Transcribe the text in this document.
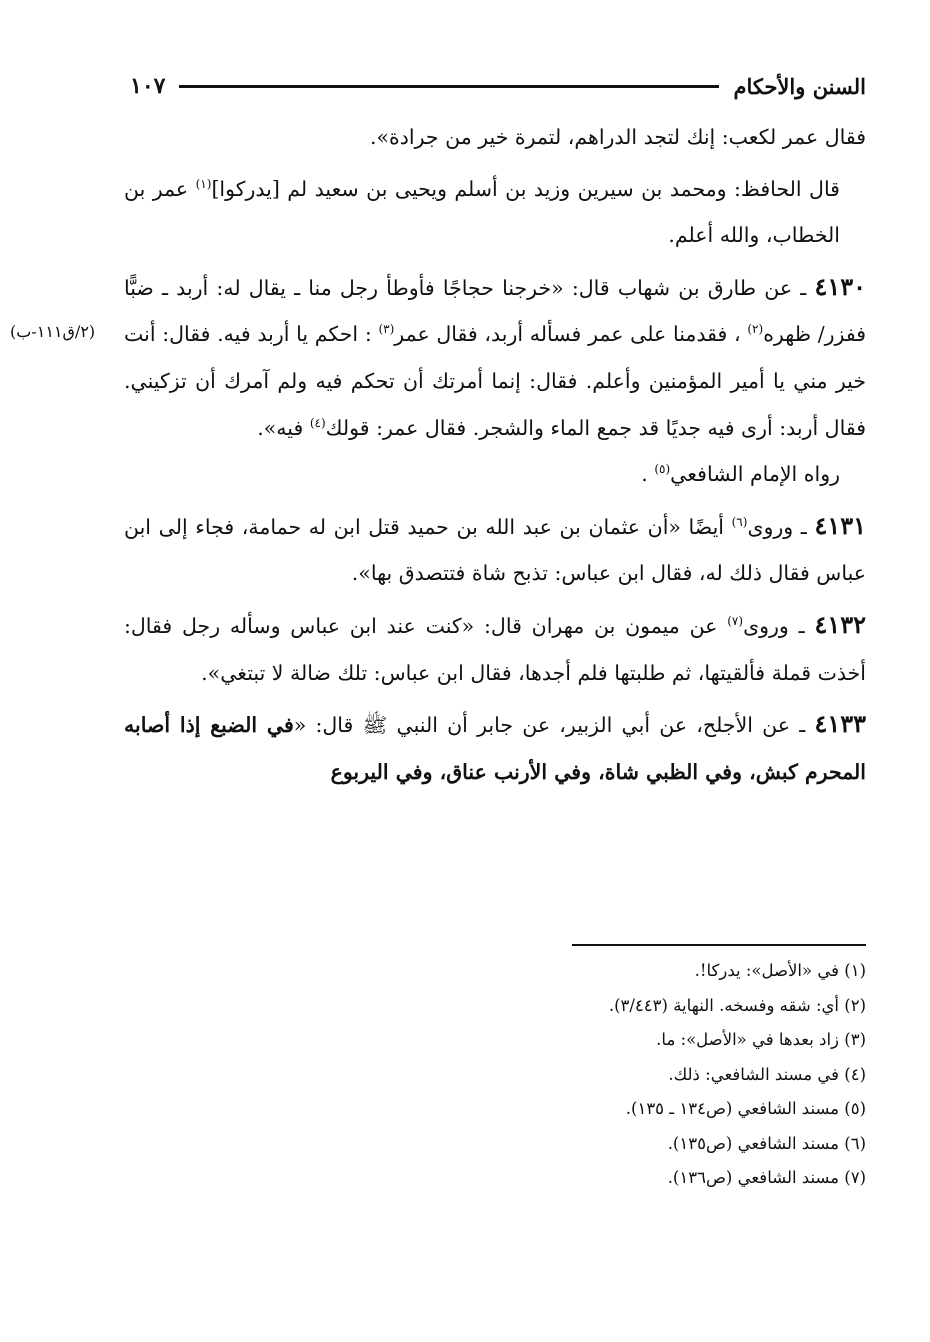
السنن والأحكام
١٠٧
(٢/ق١١١-ب)

فقال عمر لكعب: إنك لتجد الدراهم، لتمرة خير من جرادة».

قال الحافظ: ومحمد بن سيرين وزيد بن أسلم ويحيى بن سعيد لم [يدركوا]$^{(١)}$ عمر بن الخطاب، والله أعلم.

٤١٣٠ ـ عن طارق بن شهاب قال: «خرجنا حجاجًا فأوطأ رجل منا ـ يقال له: أربد ـ ضبًّا ففزر/ ظهره$^{(٢)}$ ، فقدمنا على عمر فسأله أربد، فقال عمر$^{(٣)}$ : احكم يا أربد فيه. فقال: أنت خير مني يا أمير المؤمنين وأعلم. فقال: إنما أمرتك أن تحكم فيه ولم آمرك أن تزكيني. فقال أربد: أرى فيه جديًا قد جمع الماء والشجر. فقال عمر: قولك$^{(٤)}$ فيه».

رواه الإمام الشافعي$^{(٥)}$ .

٤١٣١ ـ وروى$^{(٦)}$ أيضًا «أن عثمان بن عبد الله بن حميد قتل ابن له حمامة، فجاء إلى ابن عباس فقال ذلك له، فقال ابن عباس: تذبح شاة فتتصدق بها».

٤١٣٢ ـ وروى$^{(٧)}$ عن ميمون بن مهران قال: «كنت عند ابن عباس وسأله رجل فقال: أخذت قملة فألقيتها، ثم طلبتها فلم أجدها، فقال ابن عباس: تلك ضالة لا تبتغي».

٤١٣٣ ـ عن الأجلح، عن أبي الزبير، عن جابر أن النبي ﷺ قال: «في الضبع إذا أصابه المحرم كبش، وفي الظبي شاة، وفي الأرنب عناق، وفي اليربوع

(١) في «الأصل»: يدركا!.
(٢) أي: شقه وفسخه. النهاية (٣/٤٤٣).
(٣) زاد بعدها في «الأصل»: ما.
(٤) في مسند الشافعي: ذلك.
(٥) مسند الشافعي (ص١٣٤ ـ ١٣٥).
(٦) مسند الشافعي (ص١٣٥).
(٧) مسند الشافعي (ص١٣٦).
